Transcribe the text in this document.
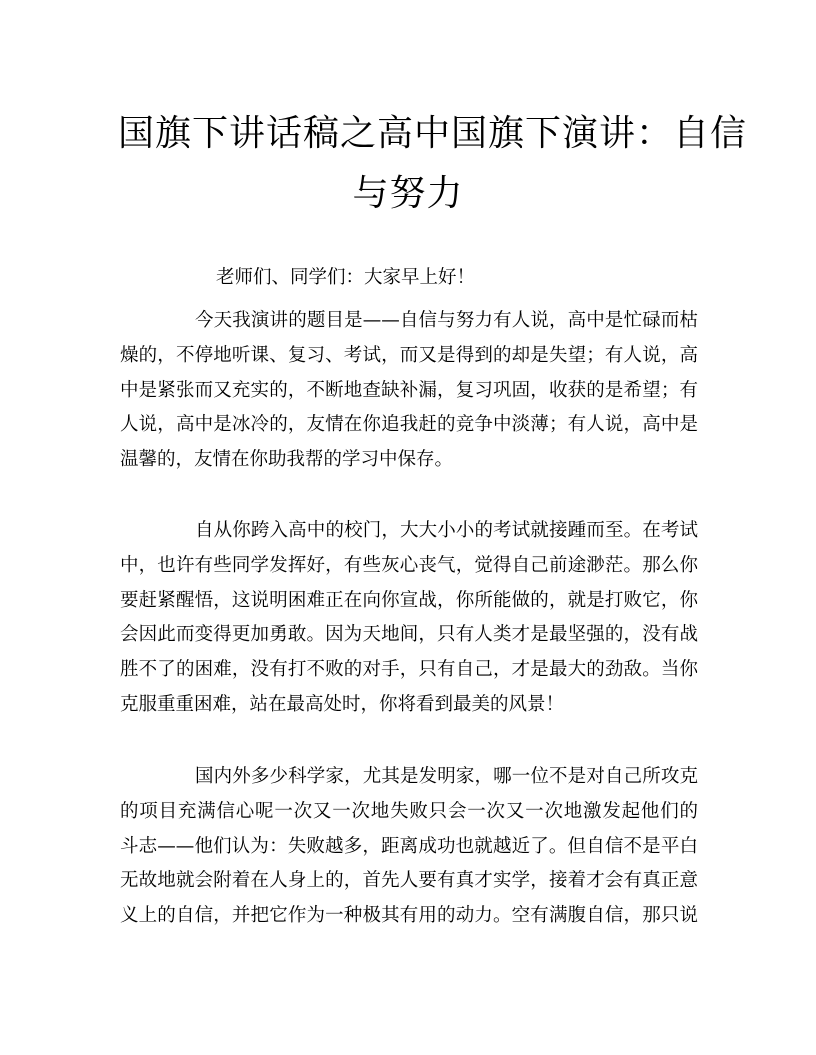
国旗下讲话稿之高中国旗下演讲：自信
与努力
老师们、同学们：大家早上好！
今天我演讲的题目是——自信与努力有人说，高中是忙碌而枯
燥的，不停地听课、复习、考试，而又是得到的却是失望；有人说，高
中是紧张而又充实的，不断地查缺补漏，复习巩固，收获的是希望；有
人说，高中是冰冷的，友情在你追我赶的竞争中淡薄；有人说，高中是
温馨的，友情在你助我帮的学习中保存。
自从你跨入高中的校门，大大小小的考试就接踵而至。在考试
中，也许有些同学发挥好，有些灰心丧气，觉得自己前途渺茫。那么你
要赶紧醒悟，这说明困难正在向你宣战，你所能做的，就是打败它，你
会因此而变得更加勇敢。因为天地间，只有人类才是最坚强的，没有战
胜不了的困难，没有打不败的对手，只有自己，才是最大的劲敌。当你
克服重重困难，站在最高处时，你将看到最美的风景！
国内外多少科学家，尤其是发明家，哪一位不是对自己所攻克
的项目充满信心呢一次又一次地失败只会一次又一次地激发起他们的
斗志——他们认为：失败越多，距离成功也就越近了。但自信不是平白
无故地就会附着在人身上的，首先人要有真才实学，接着才会有真正意
义上的自信，并把它作为一种极其有用的动力。空有满腹自信，那只说
